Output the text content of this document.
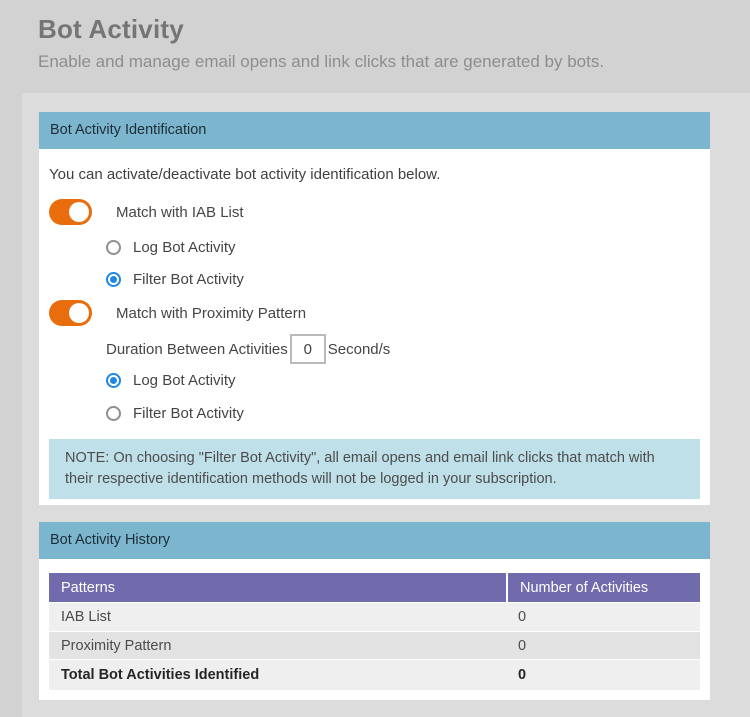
Bot Activity
Enable and manage email opens and link clicks that are generated by bots.
Bot Activity Identification

You can activate/deactivate bot activity identification below.

Match with IAB List
Log Bot Activity
Filter Bot Activity
Match with Proximity Pattern
Duration Between Activities
0	Second/s
Log Bot Activity
Filter Bot Activity
NOTE: On choosing "Filter Bot Activity", all email opens and email link clicks that match with their respective identification methods will not be logged in your subscription.
Bot Activity History
Patterns	Number of Activities
IAB List	0
Proximity Pattern	0
Total Bot Activities Identified	0
